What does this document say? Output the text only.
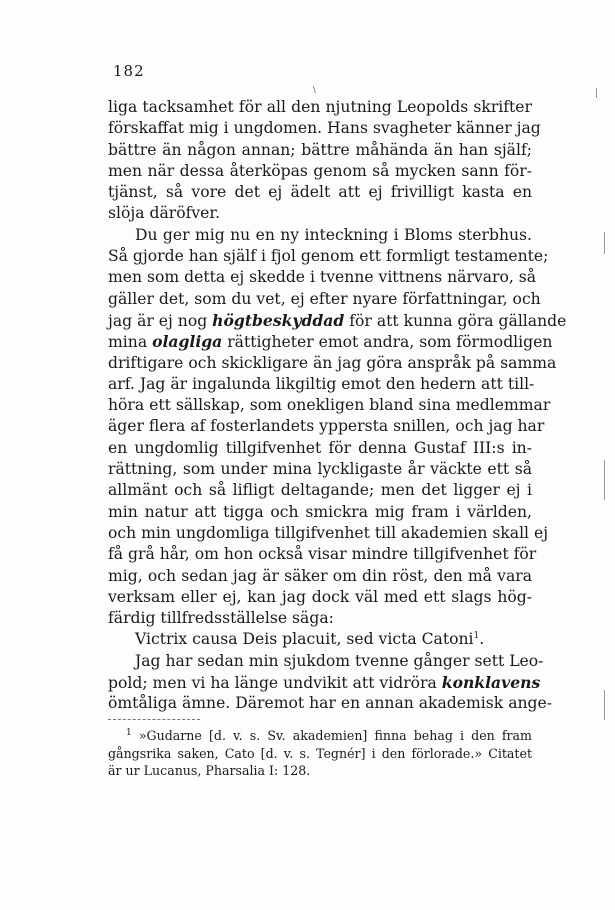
182
\
liga tacksamhet för all den njutning Leopolds skrifter
förskaffat mig i ungdomen. Hans svagheter känner jag
bättre än någon annan; bättre måhända än han själf;
men när dessa återköpas genom så mycken sann för-
tjänst, så vore det ej ädelt att ej frivilligt kasta en
slöja däröfver.
Du ger mig nu en ny inteckning i Bloms sterbhus.
Så gjorde han själf i fjol genom ett formligt testamente;
men som detta ej skedde i tvenne vittnens närvaro, så
gäller det, som du vet, ej efter nyare författningar, och
jag är ej nog högtbeskyddad för att kunna göra gällande
mina olagliga rättigheter emot andra, som förmodligen
driftigare och skickligare än jag göra anspråk på samma
arf. Jag är ingalunda likgiltig emot den hedern att till-
höra ett sällskap, som onekligen bland sina medlemmar
äger flera af fosterlandets yppersta snillen, och jag har
en ungdomlig tillgifvenhet för denna Gustaf III:s in-
rättning, som under mina lyckligaste år väckte ett så
allmänt och så lifligt deltagande; men det ligger ej i
min natur att tigga och smickra mig fram i världen,
och min ungdomliga tillgifvenhet till akademien skall ej
få grå hår, om hon också visar mindre tillgifvenhet för
mig, och sedan jag är säker om din röst, den må vara
verksam eller ej, kan jag dock väl med ett slags hög-
färdig tillfredsställelse säga:
Victrix causa Deis placuit, sed victa Catoni$^1$.
Jag har sedan min sjukdom tvenne gånger sett Leo-
pold; men vi ha länge undvikit att vidröra konklavens
ömtåliga ämne. Däremot har en annan akademisk ange-
$^1$ »Gudarne [d. v. s. Sv. akademien] finna behag i den fram
gångsrika saken, Cato [d. v. s. Tegnér] i den förlorade.» Citatet
är ur Lucanus, Pharsalia I: 128.
